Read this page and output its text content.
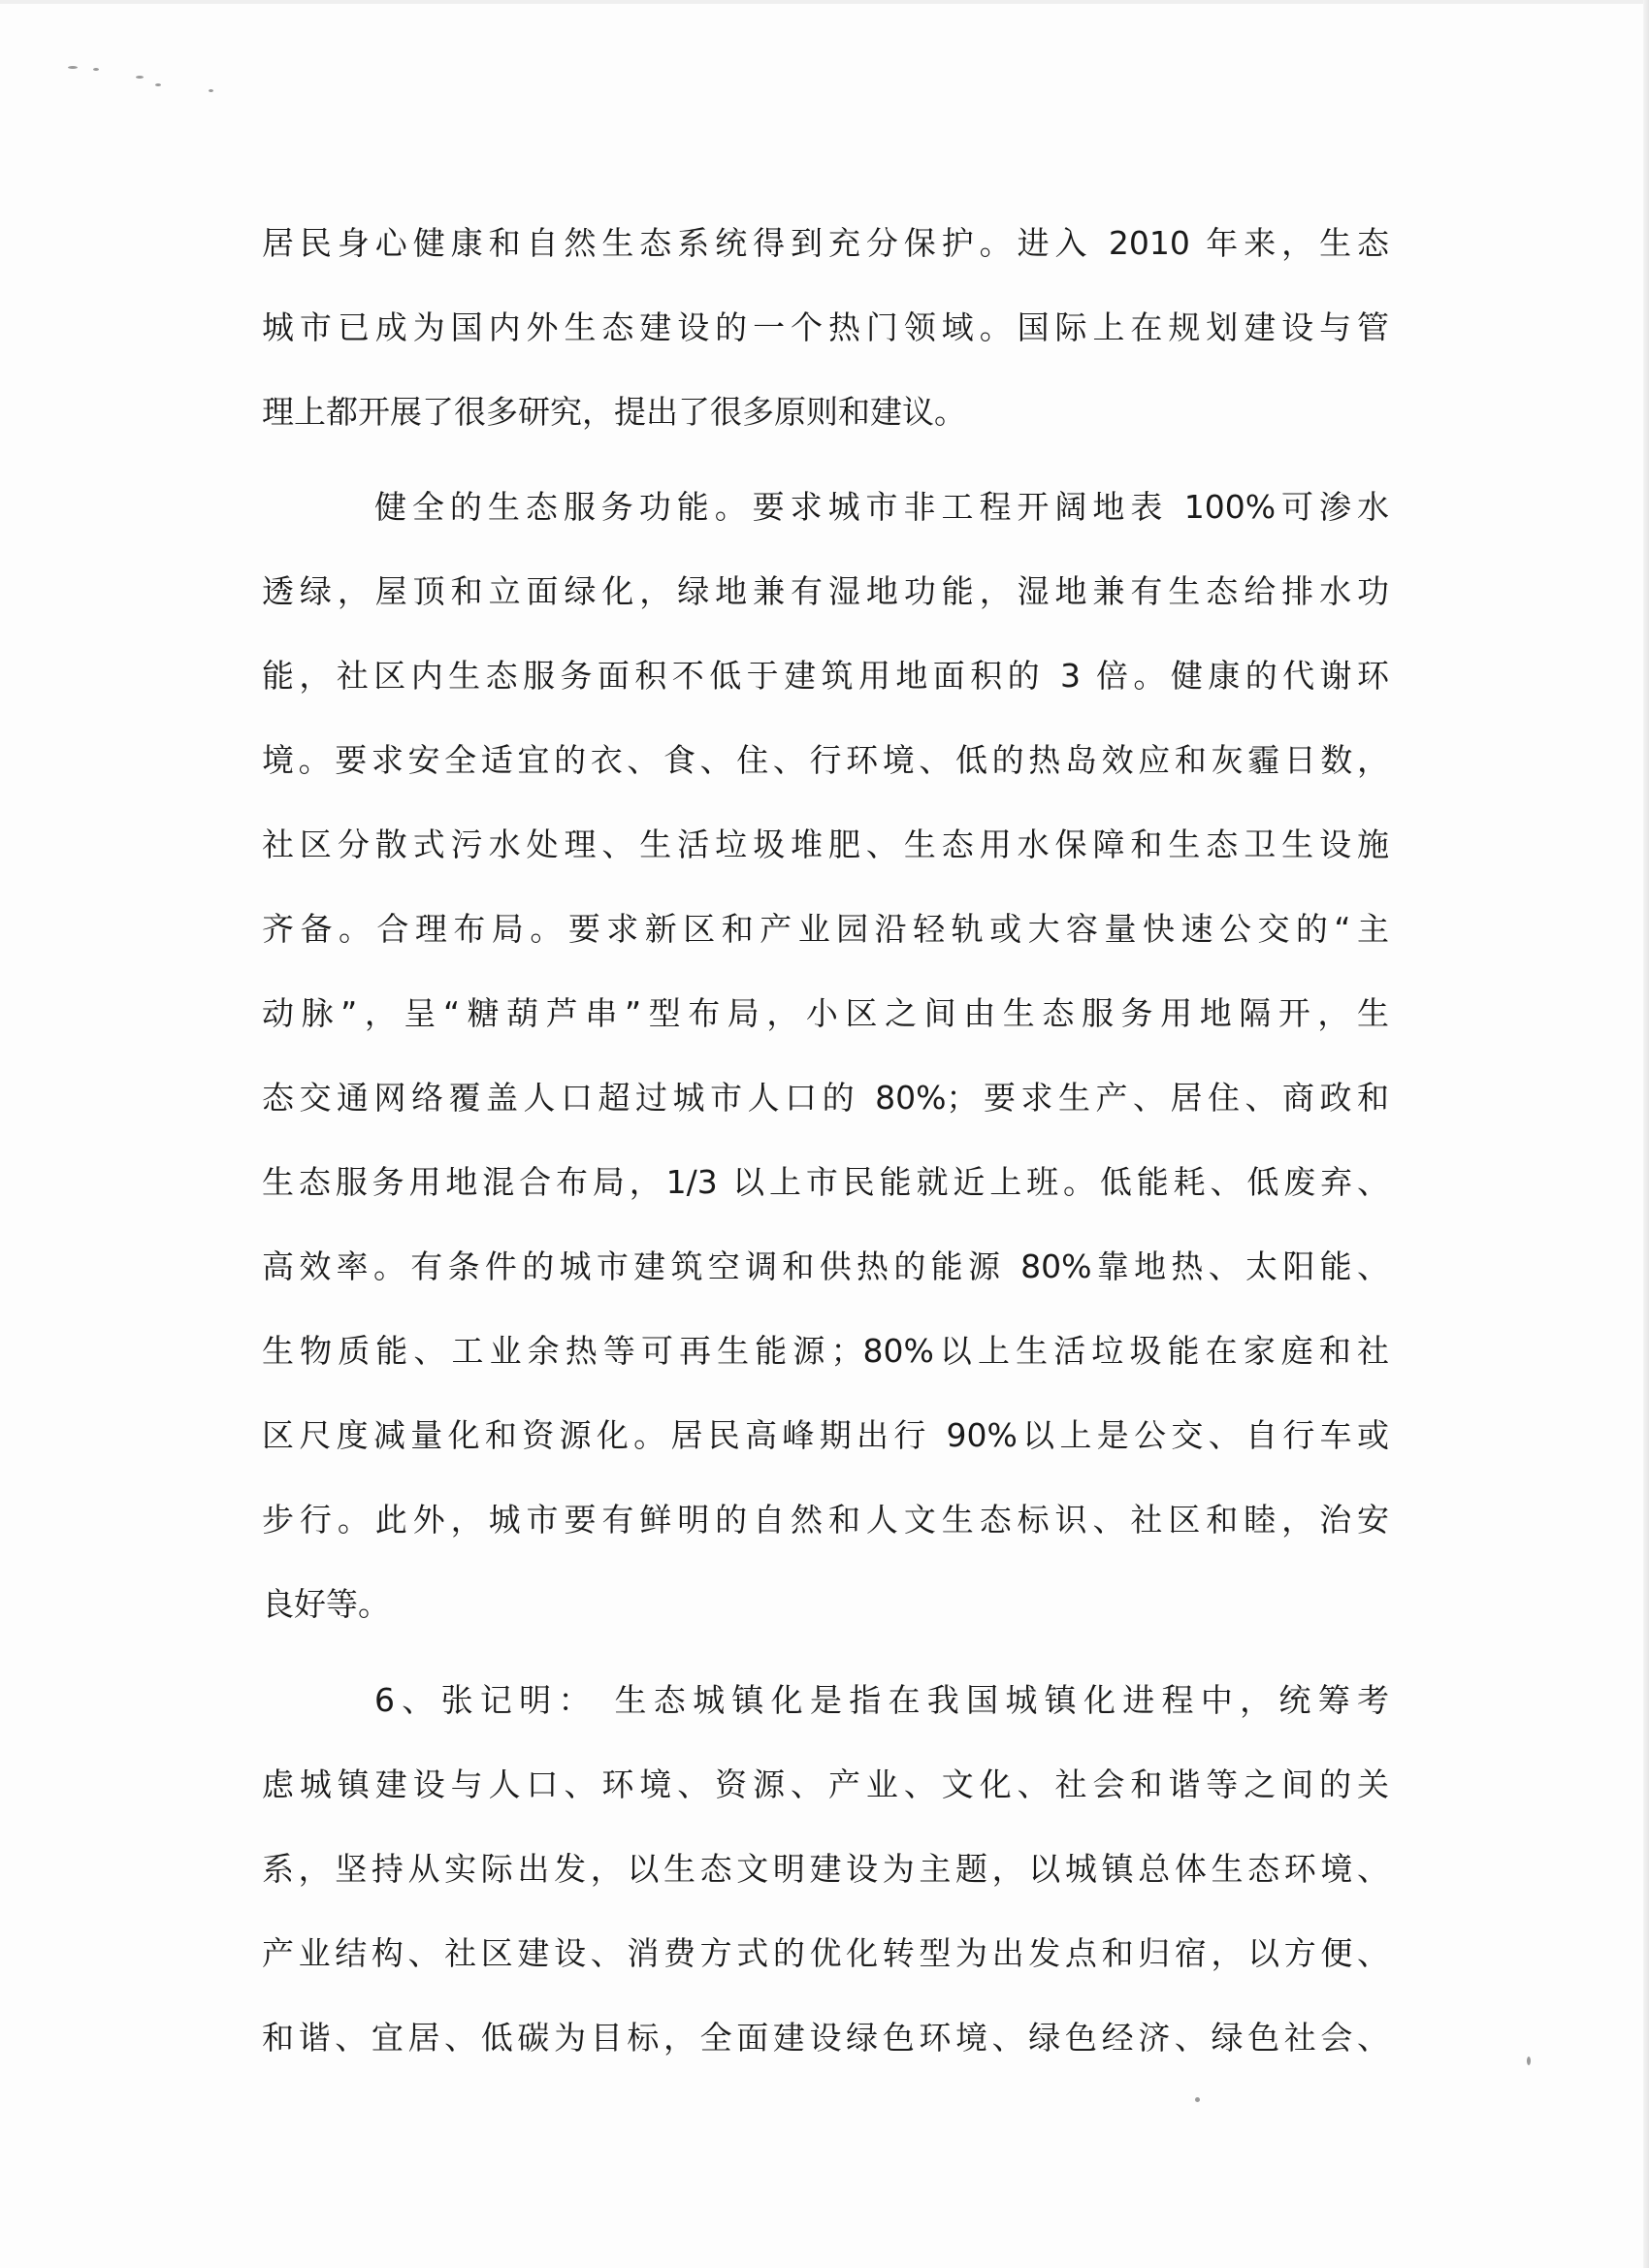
居民身心健康和自然生态系统得到充分保护。进入 2010 年来，生态
城市已成为国内外生态建设的一个热门领域。国际上在规划建设与管
理上都开展了很多研究，提出了很多原则和建议。
健全的生态服务功能。要求城市非工程开阔地表 100%可渗水
透绿，屋顶和立面绿化，绿地兼有湿地功能，湿地兼有生态给排水功
能，社区内生态服务面积不低于建筑用地面积的 3 倍。健康的代谢环
境。要求安全适宜的衣、食、住、行环境、低的热岛效应和灰霾日数，
社区分散式污水处理、生活垃圾堆肥、生态用水保障和生态卫生设施
齐备。合理布局。要求新区和产业园沿轻轨或大容量快速公交的“主
动脉”，呈“糖葫芦串”型布局，小区之间由生态服务用地隔开，生
态交通网络覆盖人口超过城市人口的 80%；要求生产、居住、商政和
生态服务用地混合布局，1/3 以上市民能就近上班。低能耗、低废弃、
高效率。有条件的城市建筑空调和供热的能源 80%靠地热、太阳能、
生物质能、工业余热等可再生能源；80%以上生活垃圾能在家庭和社
区尺度减量化和资源化。居民高峰期出行 90%以上是公交、自行车或
步行。此外，城市要有鲜明的自然和人文生态标识、社区和睦，治安
良好等。
6、张记明： 生态城镇化是指在我国城镇化进程中，统筹考
虑城镇建设与人口、环境、资源、产业、文化、社会和谐等之间的关
系，坚持从实际出发，以生态文明建设为主题，以城镇总体生态环境、
产业结构、社区建设、消费方式的优化转型为出发点和归宿，以方便、
和谐、宜居、低碳为目标，全面建设绿色环境、绿色经济、绿色社会、
